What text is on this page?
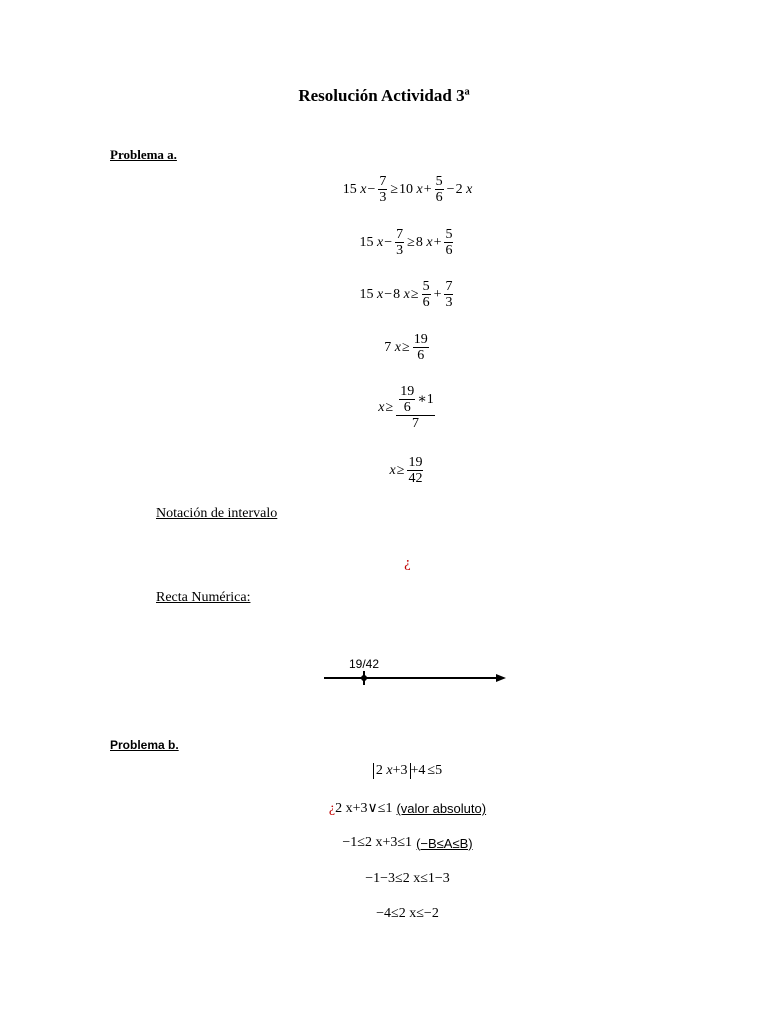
Resolución Actividad 3ª
Problema a.
15
$x - \frac{7}{3} \ge 10$
$x + \frac{5}{6} - 2$
x
15
$x - \frac{7}{3} \ge 8$
$x + \frac{5}{6}$
15
x − 8
$x \ge \frac{5}{6} + \frac{7}{3}$
7
$x \ge \frac{19}{6}$
$x \ge \frac{\frac{19}{6} ∗1}{7}$
$x \ge \frac{19}{42}$
Notación de intervalo
¿
Recta Numérica:
19/42
Problema b.
2 x+3 +4 ≤5
¿ 2 x+3∨≤1 (valor absoluto)
−1≤2 x+3≤1 (−B≤A≤B)
−1−3≤2 x≤1−3
−4≤2 x≤−2
